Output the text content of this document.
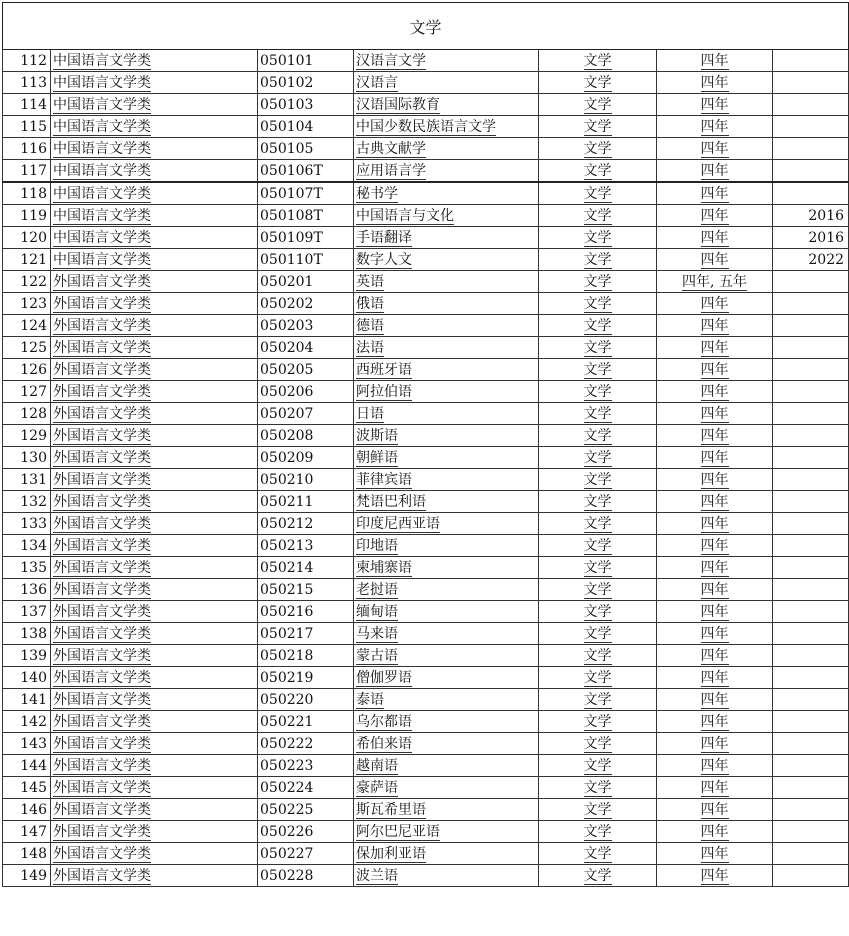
文学						
112	中国语言文学类	050101	汉语言文学	文学	四年	
113	中国语言文学类	050102	汉语言	文学	四年	
114	中国语言文学类	050103	汉语国际教育	文学	四年	
115	中国语言文学类	050104	中国少数民族语言文学	文学	四年	
116	中国语言文学类	050105	古典文献学	文学	四年	
117	中国语言文学类	050106T	应用语言学	文学	四年	
118	中国语言文学类	050107T	秘书学	文学	四年	
119	中国语言文学类	050108T	中国语言与文化	文学	四年	2016
120	中国语言文学类	050109T	手语翻译	文学	四年	2016
121	中国语言文学类	050110T	数字人文	文学	四年	2022
122	外国语言文学类	050201	英语	文学	四年, 五年	
123	外国语言文学类	050202	俄语	文学	四年	
124	外国语言文学类	050203	德语	文学	四年	
125	外国语言文学类	050204	法语	文学	四年	
126	外国语言文学类	050205	西班牙语	文学	四年	
127	外国语言文学类	050206	阿拉伯语	文学	四年	
128	外国语言文学类	050207	日语	文学	四年	
129	外国语言文学类	050208	波斯语	文学	四年	
130	外国语言文学类	050209	朝鲜语	文学	四年	
131	外国语言文学类	050210	菲律宾语	文学	四年	
132	外国语言文学类	050211	梵语巴利语	文学	四年	
133	外国语言文学类	050212	印度尼西亚语	文学	四年	
134	外国语言文学类	050213	印地语	文学	四年	
135	外国语言文学类	050214	柬埔寨语	文学	四年	
136	外国语言文学类	050215	老挝语	文学	四年	
137	外国语言文学类	050216	缅甸语	文学	四年	
138	外国语言文学类	050217	马来语	文学	四年	
139	外国语言文学类	050218	蒙古语	文学	四年	
140	外国语言文学类	050219	僧伽罗语	文学	四年	
141	外国语言文学类	050220	泰语	文学	四年	
142	外国语言文学类	050221	乌尔都语	文学	四年	
143	外国语言文学类	050222	希伯来语	文学	四年	
144	外国语言文学类	050223	越南语	文学	四年	
145	外国语言文学类	050224	豪萨语	文学	四年	
146	外国语言文学类	050225	斯瓦希里语	文学	四年	
147	外国语言文学类	050226	阿尔巴尼亚语	文学	四年	
148	外国语言文学类	050227	保加利亚语	文学	四年	
149	外国语言文学类	050228	波兰语	文学	四年	
